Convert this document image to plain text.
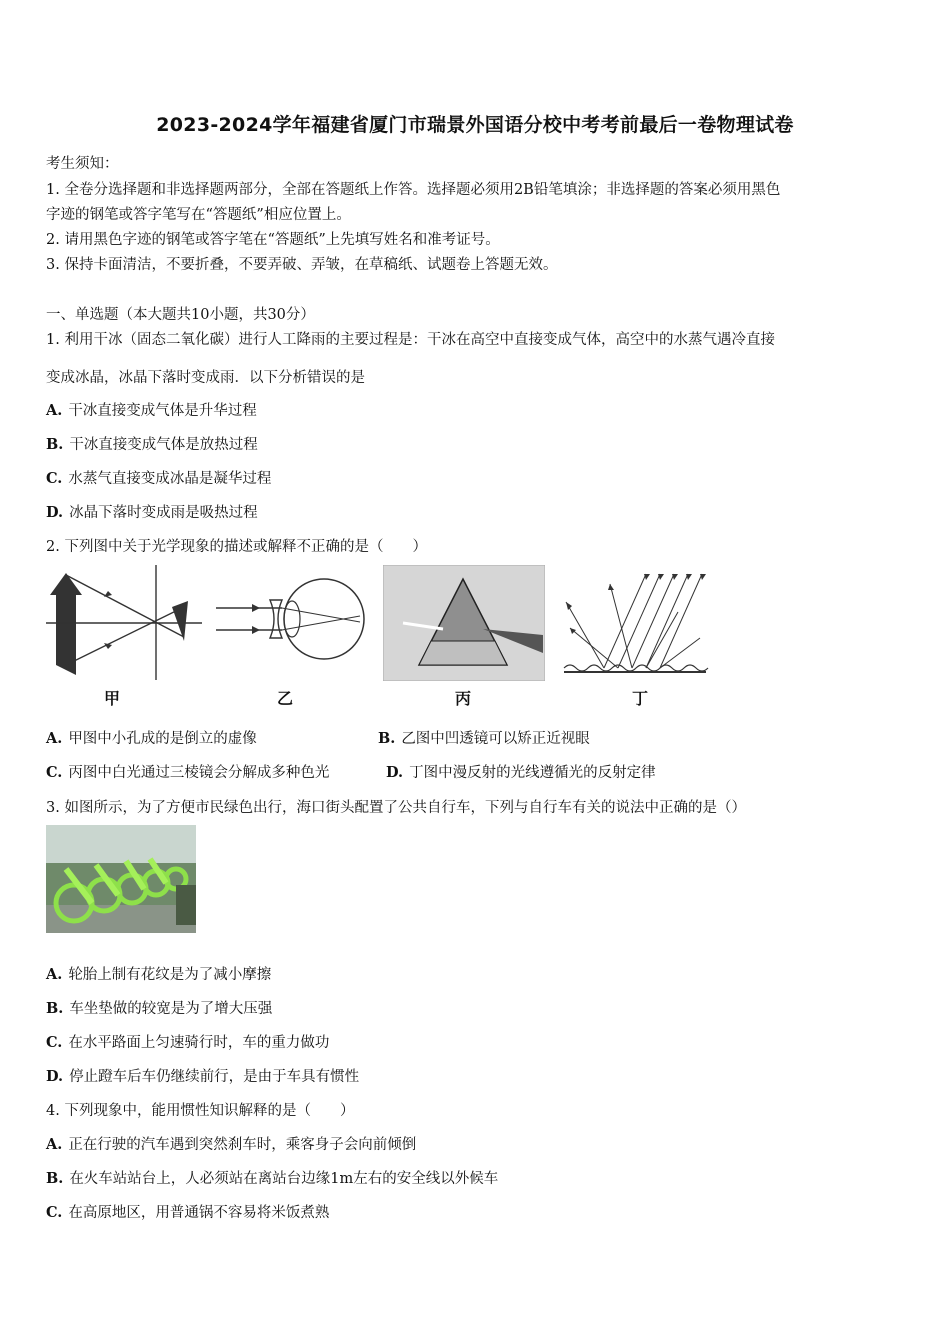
2023-2024学年福建省厦门市瑞景外国语分校中考考前最后一卷物理试卷
考生须知：
1. 全卷分选择题和非选择题两部分，全部在答题纸上作答。选择题必须用2B铅笔填涂；非选择题的答案必须用黑色
字迹的钢笔或答字笔写在“答题纸”相应位置上。
2. 请用黑色字迹的钢笔或答字笔在“答题纸”上先填写姓名和准考证号。
3. 保持卡面清洁，不要折叠，不要弄破、弄皱，在草稿纸、试题卷上答题无效。
一、单选题（本大题共10小题，共30分）
1. 利用干冰（固态二氧化碳）进行人工降雨的主要过程是：干冰在高空中直接变成气体，高空中的水蒸气遇冷直接
变成冰晶，冰晶下落时变成雨．以下分析错误的是
A. 干冰直接变成气体是升华过程
B. 干冰直接变成气体是放热过程
C. 水蒸气直接变成冰晶是凝华过程
D. 冰晶下落时变成雨是吸热过程
2. 下列图中关于光学现象的描述或解释不正确的是（　　）
甲	乙	丙	丁
A. 甲图中小孔成的是倒立的虚像	B. 乙图中凹透镜可以矫正近视眼
C. 丙图中白光通过三棱镜会分解成多种色光	D. 丁图中漫反射的光线遵循光的反射定律
3. 如图所示，为了方便市民绿色出行，海口街头配置了公共自行车，下列与自行车有关的说法中正确的是（）
A. 轮胎上制有花纹是为了减小摩擦
B. 车坐垫做的较宽是为了增大压强
C. 在水平路面上匀速骑行时，车的重力做功
D. 停止蹬车后车仍继续前行，是由于车具有惯性
4. 下列现象中，能用惯性知识解释的是（　　）
A. 正在行驶的汽车遇到突然刹车时，乘客身子会向前倾倒
B. 在火车站站台上，人必须站在离站台边缘1m左右的安全线以外候车
C. 在高原地区，用普通锅不容易将米饭煮熟
